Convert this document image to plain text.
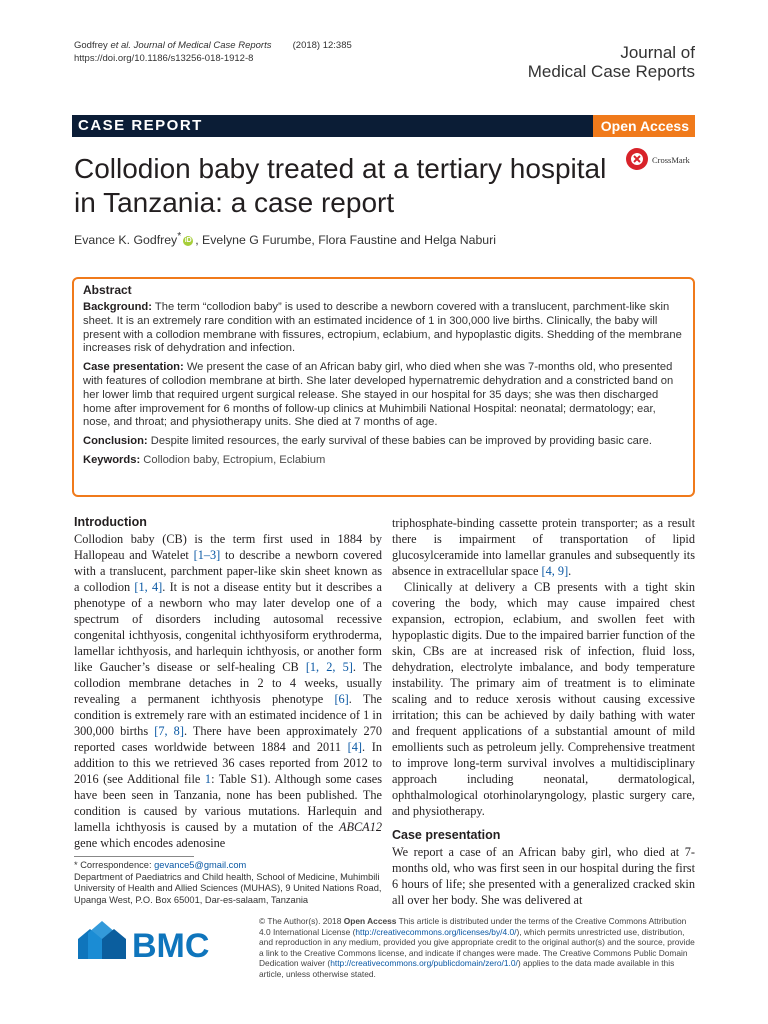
Godfrey et al. Journal of Medical Case Reports (2018) 12:385
https://doi.org/10.1186/s13256-018-1912-8	Journal of
Medical Case Reports
CASE REPORT	Open Access
Collodion baby treated at a tertiary hospital in Tanzania: a case report
CrossMark
Evance K. Godfrey* iD , Evelyne G Furumbe, Flora Faustine and Helga Naburi
Abstract

Background: The term “collodion baby” is used to describe a newborn covered with a translucent, parchment-like skin sheet. It is an extremely rare condition with an estimated incidence of 1 in 300,000 live births. Clinically, the baby will present with a collodion membrane with fissures, ectropium, eclabium, and hypoplastic digits. Shedding of the membrane increases risk of dehydration and infection.

Case presentation: We present the case of an African baby girl, who died when she was 7-months old, who presented with features of collodion membrane at birth. She later developed hypernatremic dehydration and a constricted band on her lower limb that required urgent surgical release. She stayed in our hospital for 35 days; she was then discharged home after improvement for 6 months of follow-up clinics at Muhimbili National Hospital: neonatal; dermatology; ear, nose, and throat; and physiotherapy units. She died at 7 months of age.

Conclusion: Despite limited resources, the early survival of these babies can be improved by providing basic care.

Keywords: Collodion baby, Ectropium, Eclabium

Introduction

Collodion baby (CB) is the term first used in 1884 by Hallopeau and Watelet [1–3] to describe a newborn covered with a translucent, parchment paper-like skin sheet known as a collodion [1, 4]. It is not a disease entity but it describes a phenotype of a newborn who may later develop one of a spectrum of disorders including autosomal recessive congenital ichthyosis, congenital ichthyosiform erythroderma, lamellar ichthyosis, and harlequin ichthyosis, or another form like Gaucher’s disease or self-healing CB [1, 2, 5]. The collodion membrane detaches in 2 to 4 weeks, usually revealing a permanent ichthyosis phenotype [6]. The condition is extremely rare with an estimated incidence of 1 in 300,000 births [7, 8]. There have been approximately 270 reported cases worldwide between 1884 and 2011 [4]. In addition to this we retrieved 36 cases reported from 2012 to 2016 (see Additional file 1: Table S1). Although some cases have been seen in Tanzania, none has been published. The condition is caused by various mutations. Harlequin and lamella ichthyosis is caused by a mutation of the ABCA12 gene which encodes adenosine

triphosphate-binding cassette protein transporter; as a result there is impairment of transportation of lipid glucosylceramide into lamellar granules and subsequently its absence in extracellular space [4, 9].

Clinically at delivery a CB presents with a tight skin covering the body, which may cause impaired chest expansion, ectropion, eclabium, and swollen feet with hypoplastic digits. Due to the impaired barrier function of the skin, CBs are at increased risk of infection, fluid loss, dehydration, electrolyte imbalance, and body temperature instability. The primary aim of treatment is to eliminate scaling and to reduce xerosis without causing excessive irritation; this can be achieved by daily bathing with water and frequent applications of a substantial amount of mild emollients such as petroleum jelly. Comprehensive treatment to improve long-term survival involves a multidisciplinary approach including neonatal, dermatological, ophthalmological otorhinolaryngology, plastic surgery care, and physiotherapy.

Case presentation

We report a case of an African baby girl, who died at 7-months old, who was first seen in our hospital during the first 6 hours of life; she presented with a generalized cracked skin all over her body. She was delivered at

* Correspondence: gevance5@gmail.com
Department of Paediatrics and Child health, School of Medicine, Muhimbili University of Health and Allied Sciences (MUHAS), 9 United Nations Road, Upanga West, P.O. Box 65001, Dar-es-salaam, Tanzania
BMC
© The Author(s). 2018 Open Access This article is distributed under the terms of the Creative Commons Attribution 4.0 International License (http://creativecommons.org/licenses/by/4.0/), which permits unrestricted use, distribution, and reproduction in any medium, provided you give appropriate credit to the original author(s) and the source, provide a link to the Creative Commons license, and indicate if changes were made. The Creative Commons Public Domain Dedication waiver (http://creativecommons.org/publicdomain/zero/1.0/) applies to the data made available in this article, unless otherwise stated.
